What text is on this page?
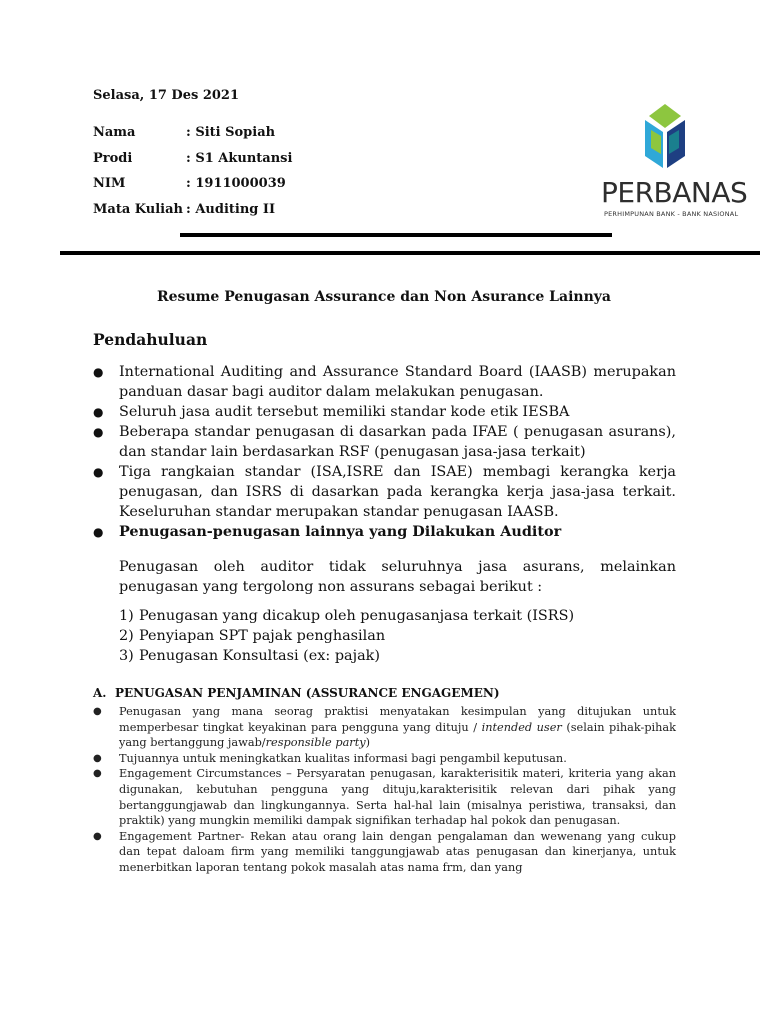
Selasa, 17 Des 2021
Nama	: Siti Sopiah
Prodi	: S1 Akuntansi
NIM	: 1911000039
Mata Kuliah : Auditing II	PERBANAS
PERHIMPUNAN BANK - BANK NASIONAL
Resume Penugasan Assurance dan Non Asurance Lainnya
Pendahuluan
●	International Auditing and Assurance Standard Board (IAASB) merupakan panduan dasar bagi auditor dalam melakukan penugasan.
●	Seluruh jasa audit tersebut memiliki standar kode etik IESBA
●	Beberapa standar penugasan di dasarkan pada IFAE ( penugasan asurans), dan standar lain berdasarkan RSF (penugasan jasa-jasa terkait)
●	Tiga rangkaian standar (ISA,ISRE dan ISAE) membagi kerangka kerja penugasan, dan ISRS di dasarkan pada kerangka kerja jasa-jasa terkait. Keseluruhan standar merupakan standar penugasan IAASB.
●	Penugasan-penugasan lainnya yang Dilakukan Auditor
Penugasan oleh auditor tidak seluruhnya jasa asurans, melainkan penugasan yang tergolong non assurans sebagai berikut :
1) Penugasan yang dicakup oleh penugasanjasa terkait (ISRS)
2) Penyiapan SPT pajak penghasilan
3) Penugasan Konsultasi (ex: pajak)
A. PENUGASAN PENJAMINAN (ASSURANCE ENGAGEMEN)
●	Penugasan yang mana seorag praktisi menyatakan kesimpulan yang ditujukan untuk memperbesar tingkat keyakinan para pengguna yang dituju / intended user (selain pihak-pihak yang bertanggung jawab/responsible party)
●	Tujuannya untuk meningkatkan kualitas informasi bagi pengambil keputusan.
●	Engagement Circumstances – Persyaratan penugasan, karakterisitik materi, kriteria yang akan digunakan, kebutuhan pengguna yang dituju,karakterisitik relevan dari pihak yang bertanggungjawab dan lingkungannya. Serta hal-hal lain (misalnya peristiwa, transaksi, dan praktik) yang mungkin memiliki dampak signifikan terhadap hal pokok dan penugasan.
●	Engagement Partner- Rekan atau orang lain dengan pengalaman dan wewenang yang cukup dan tepat daloam firm yang memiliki tanggungjawab atas penugasan dan kinerjanya, untuk menerbitkan laporan tentang pokok masalah atas nama frm, dan yang
